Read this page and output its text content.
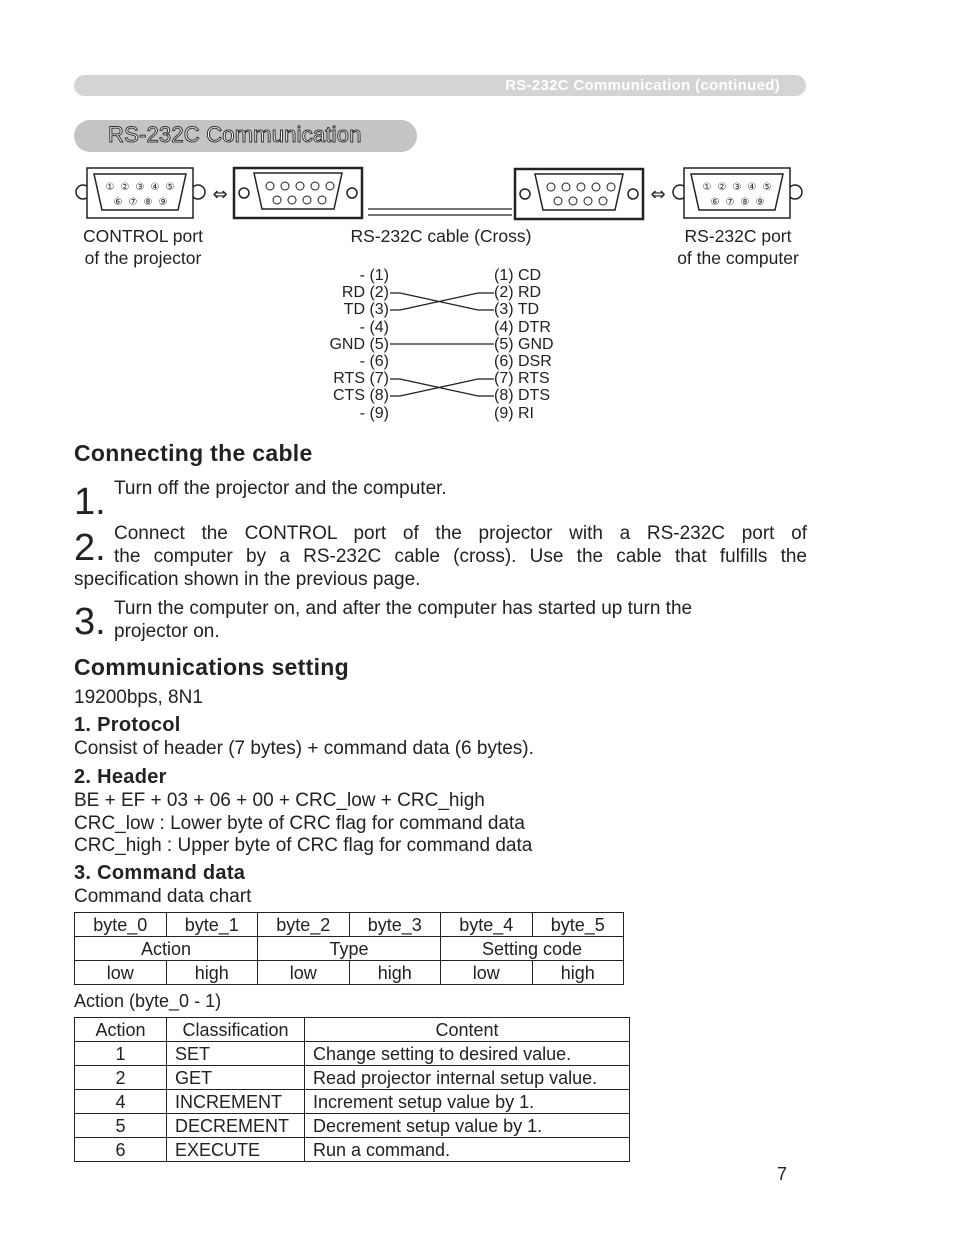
RS-232C Communication (continued)
RS-232C Communication
① ② ③ ④ ⑤
⑥ ⑦ ⑧ ⑨ ⇔	⇔	① ② ③ ④ ⑤
⑥ ⑦ ⑧ ⑨
CONTROL port
of the projector
RS-232C cable (Cross)	RS-232C port
of the computer
- (1)
RD (2)
TD (3)
- (4)
GND (5)
- (6)
RTS (7)
CTS (8)
- (9)
(1) CD
(2) RD
(3) TD
(4) DTR
(5) GND
(6) DSR
(7) RTS
(8) DTS
(9) RI
Connecting the cable
1. Turn off the projector and the computer.
2. Connect the CONTROL port of the projector with a RS-232C port of
the computer by a RS-232C cable (cross). Use the cable that fulfills the
specification shown in the previous page.
3. Turn the computer on, and after the computer has started up turn the
projector on.
Communications setting
19200bps, 8N1
1. Protocol
Consist of header (7 bytes) + command data (6 bytes).
2. Header
BE + EF + 03 + 06 + 00 + CRC_low + CRC_high
CRC_low : Lower byte of CRC flag for command data
CRC_high : Upper byte of CRC flag for command data
3. Command data
Command data chart
byte_0	byte_1	byte_2	byte_3	byte_4	byte_5
Action		Type		Setting code	
low	high	low	high	low	high
Action (byte_0 - 1)
Action	Classification	Content
1	SET	Change setting to desired value.
2	GET	Read projector internal setup value.
4	INCREMENT	Increment setup value by 1.
5	DECREMENT	Decrement setup value by 1.
6	EXECUTE	Run a command.
7
